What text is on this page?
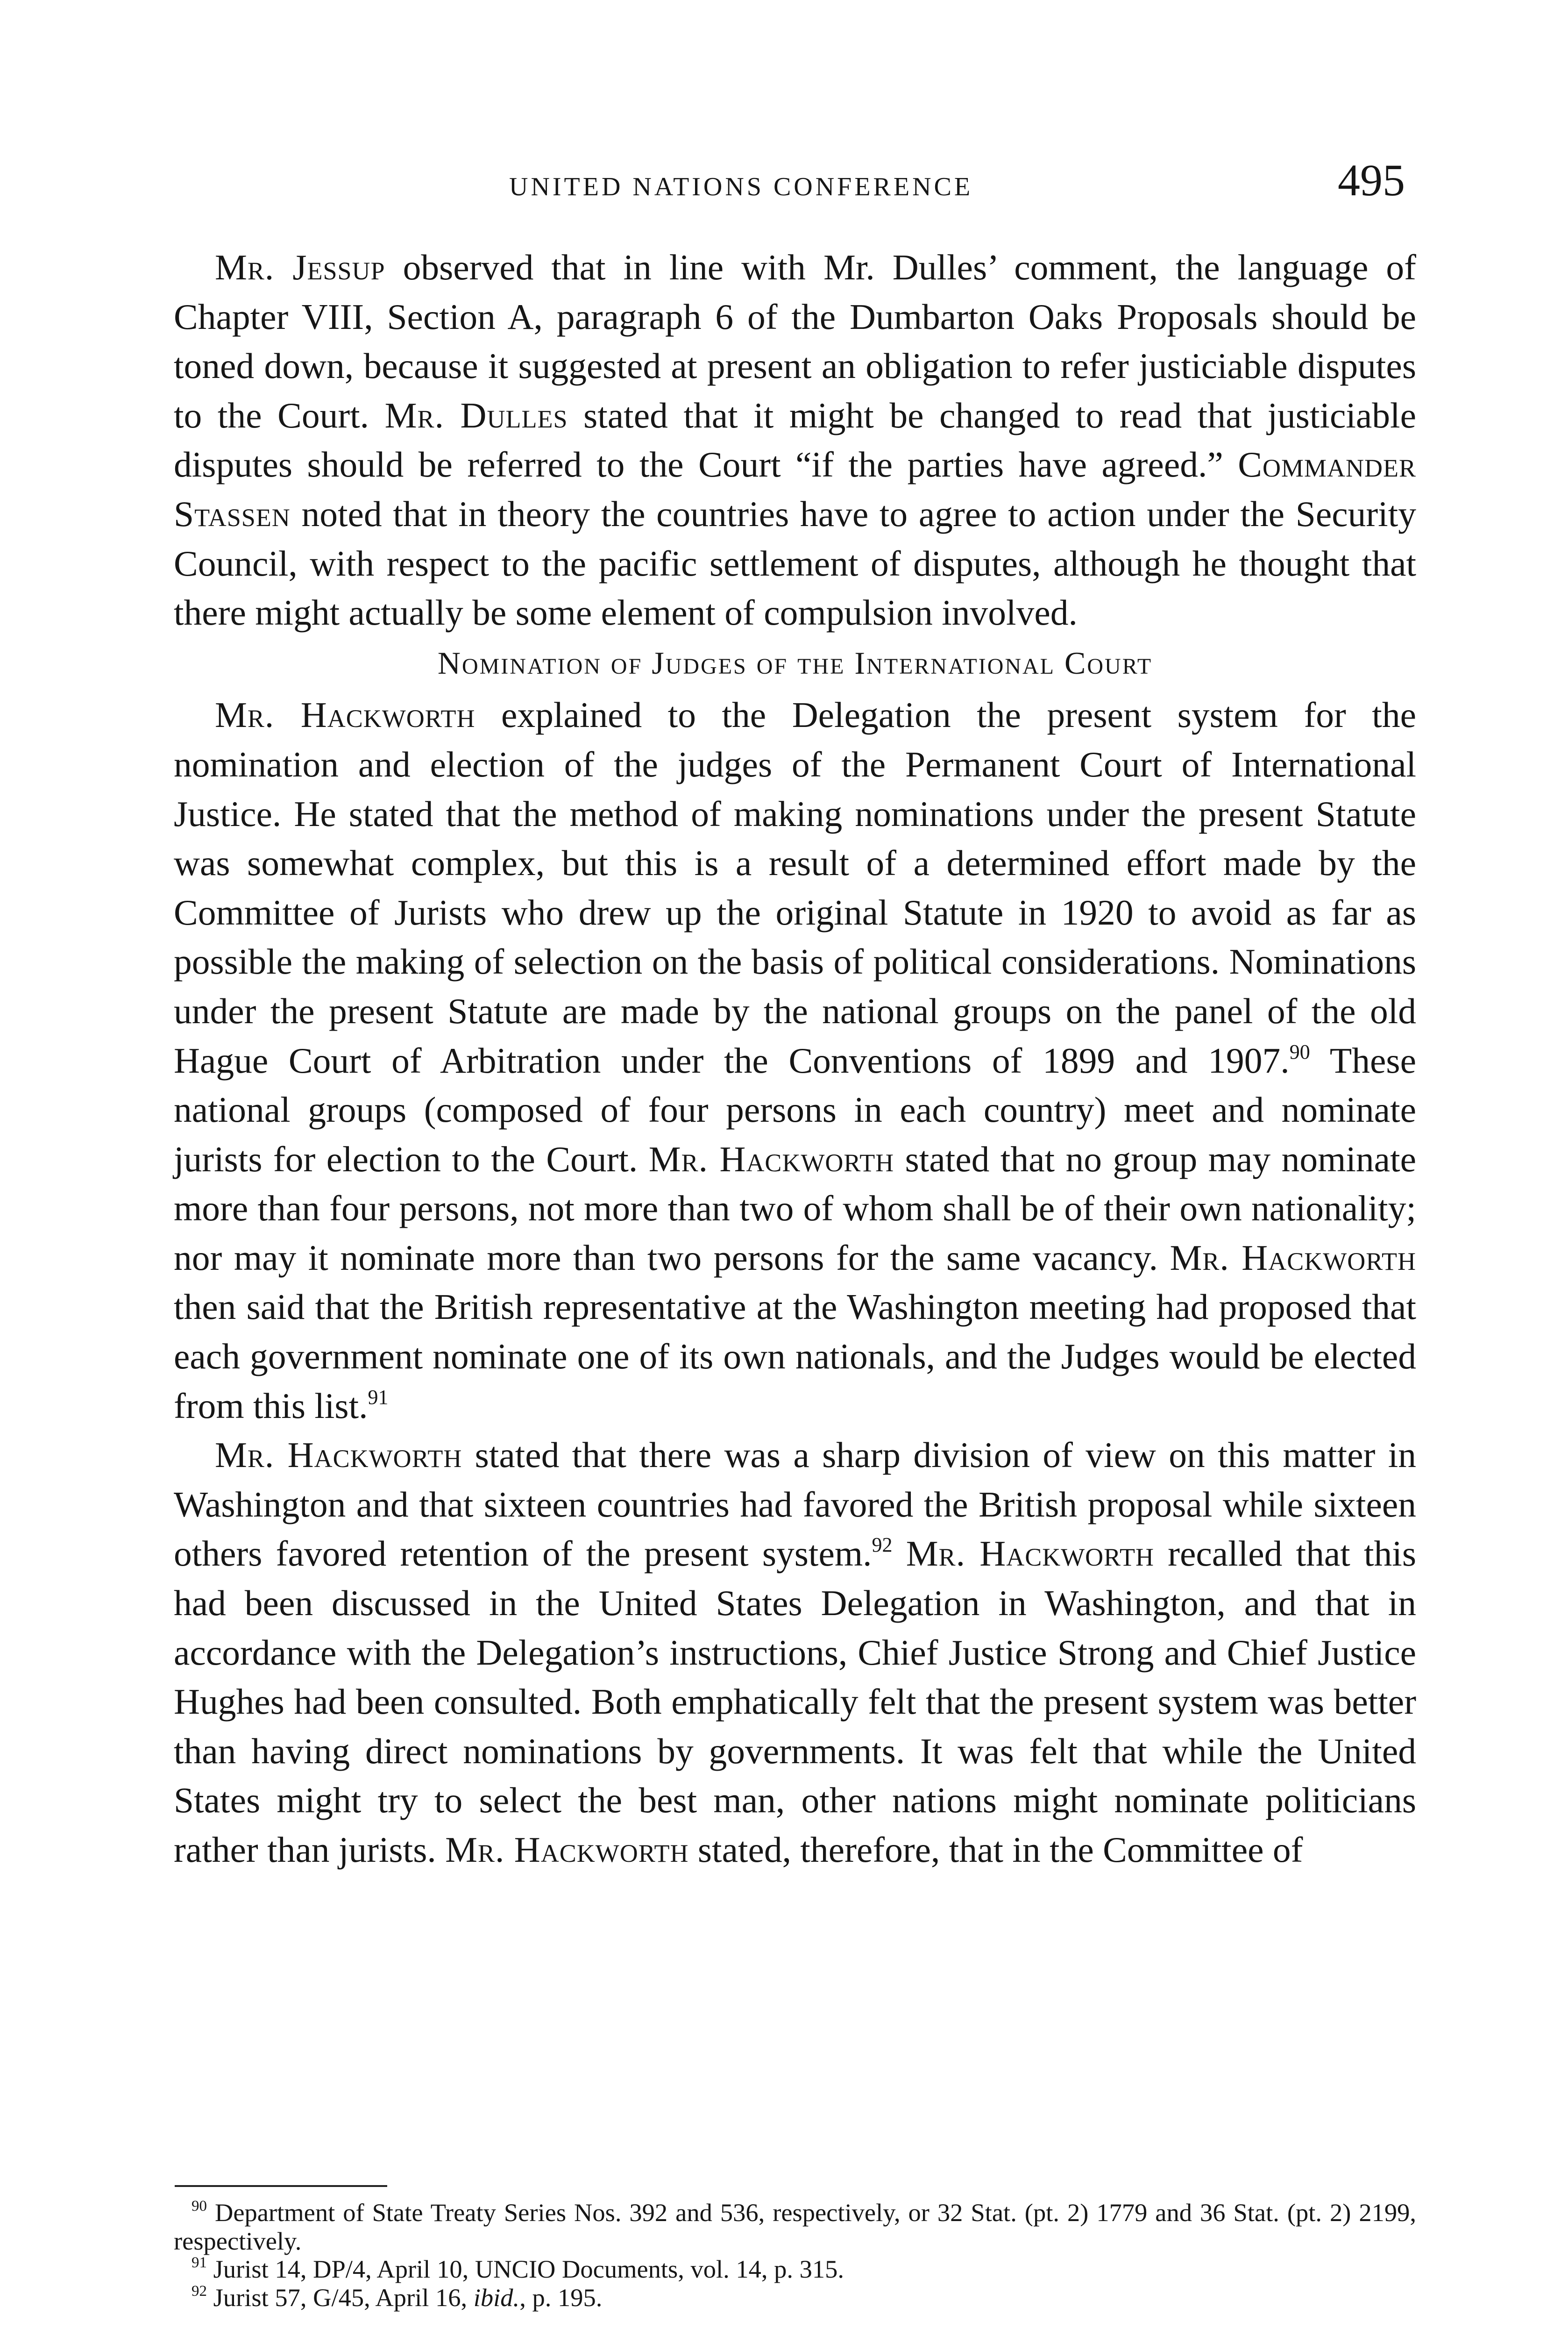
UNITED NATIONS CONFERENCE	495

Mr. Jessup observed that in line with Mr. Dulles’ comment, the language of Chapter VIII, Section A, paragraph 6 of the Dumbarton Oaks Proposals should be toned down, because it suggested at present an obligation to refer justiciable disputes to the Court. Mr. Dulles stated that it might be changed to read that justiciable disputes should be referred to the Court “if the parties have agreed.” Commander Stassen noted that in theory the countries have to agree to action under the Security Council, with respect to the pacific settlement of disputes, although he thought that there might actually be some element of compulsion involved.

Nomination of Judges of the International Court

Mr. Hackworth explained to the Delegation the present system for the nomination and election of the judges of the Permanent Court of International Justice. He stated that the method of making nominations under the present Statute was somewhat complex, but this is a result of a determined effort made by the Committee of Jurists who drew up the original Statute in 1920 to avoid as far as possible the making of selection on the basis of political considerations. Nominations under the present Statute are made by the national groups on the panel of the old Hague Court of Arbitration under the Conventions of 1899 and 1907.90 These national groups (composed of four persons in each country) meet and nominate jurists for election to the Court. Mr. Hackworth stated that no group may nominate more than four persons, not more than two of whom shall be of their own nationality; nor may it nominate more than two persons for the same vacancy. Mr. Hackworth then said that the British representative at the Washington meeting had proposed that each government nominate one of its own nationals, and the Judges would be elected from this list.$^{91}$

Mr. Hackworth stated that there was a sharp division of view on this matter in Washington and that sixteen countries had favored the British proposal while sixteen others favored retention of the present system.$^{92}$ Mr. Hackworth recalled that this had been discussed in the United States Delegation in Washington, and that in accordance with the Delegation’s instructions, Chief Justice Strong and Chief Justice Hughes had been consulted. Both emphatically felt that the present system was better than having direct nominations by governments. It was felt that while the United States might try to select the best man, other nations might nominate politicians rather than jurists. Mr. Hackworth stated, therefore, that in the Committee of

$^{90}$ Department of State Treaty Series Nos. 392 and 536, respectively, or 32 Stat. (pt. 2) 1779 and 36 Stat. (pt. 2) 2199, respectively.

$^{91}$ Jurist 14, DP/4, April 10, UNCIO Documents, vol. 14, p. 315.

$^{92}$ Jurist 57, G/45, April 16, ibid., p. 195.
